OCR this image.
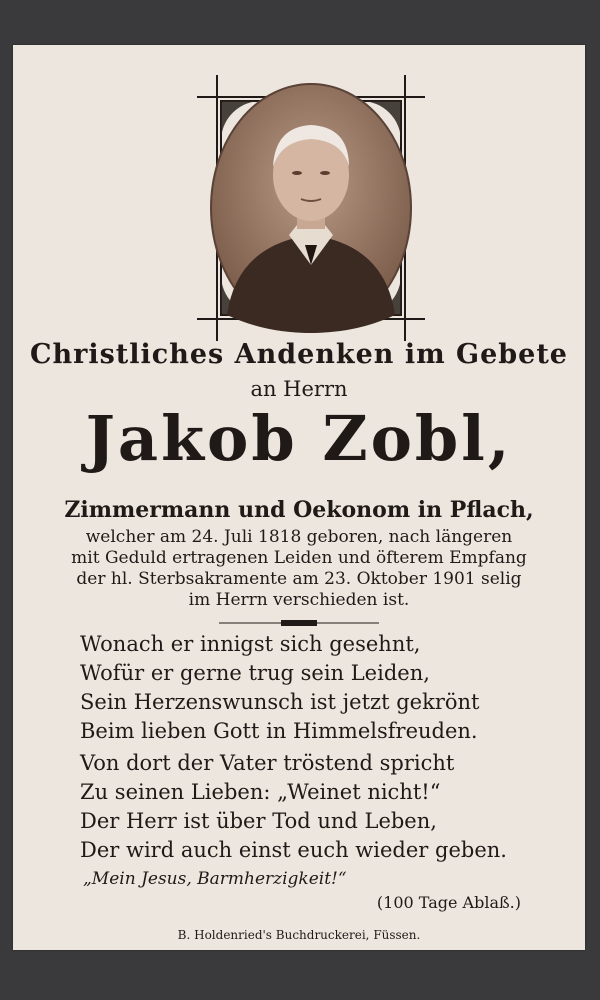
Christliches Andenken im Gebete
an Herrn
Jakob Zobl,
Zimmermann und Oekonom in Pflach,
welcher am 24. Juli 1818 geboren, nach längeren
mit Geduld ertragenen Leiden und öfterem Empfang
der hl. Sterbsakramente am 23. Oktober 1901 selig
im Herrn verschieden ist.
Wonach er innigst sich gesehnt,
Wofür er gerne trug sein Leiden,
Sein Herzenswunsch ist jetzt gekrönt
Beim lieben Gott in Himmelsfreuden.
Von dort der Vater tröstend spricht
Zu seinen Lieben: „Weinet nicht!“
Der Herr ist über Tod und Leben,
Der wird auch einst euch wieder geben.
„Mein Jesus, Barmherzigkeit!“
(100 Tage Ablaß.)
B. Holdenried's Buchdruckerei, Füssen.
